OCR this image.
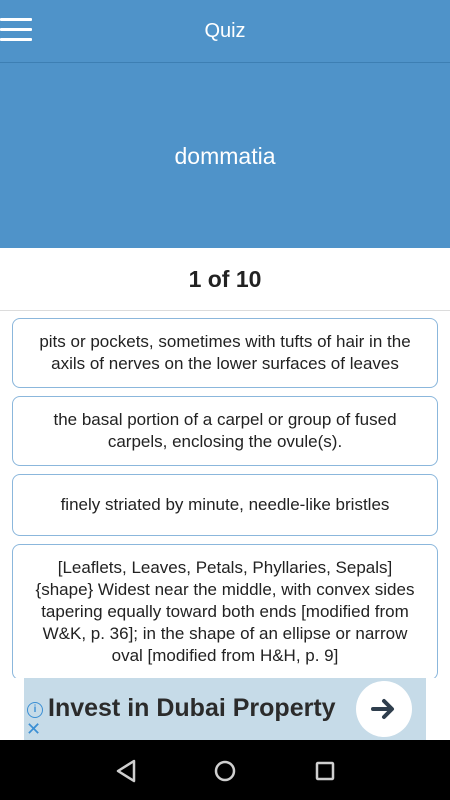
Quiz
dommatia
1 of 10
pits or pockets, sometimes with tufts of hair in the axils of nerves on the lower surfaces of leaves
the basal portion of a carpel or group of fused carpels, enclosing the ovule(s).
finely striated by minute, needle-like bristles
[Leaflets, Leaves, Petals, Phyllaries, Sepals] {shape} Widest near the middle, with convex sides tapering equally toward both ends [modified from W&K, p. 36]; in the shape of an ellipse or narrow oval [modified from H&H, p. 9]
i
✕
Invest in Dubai Property
